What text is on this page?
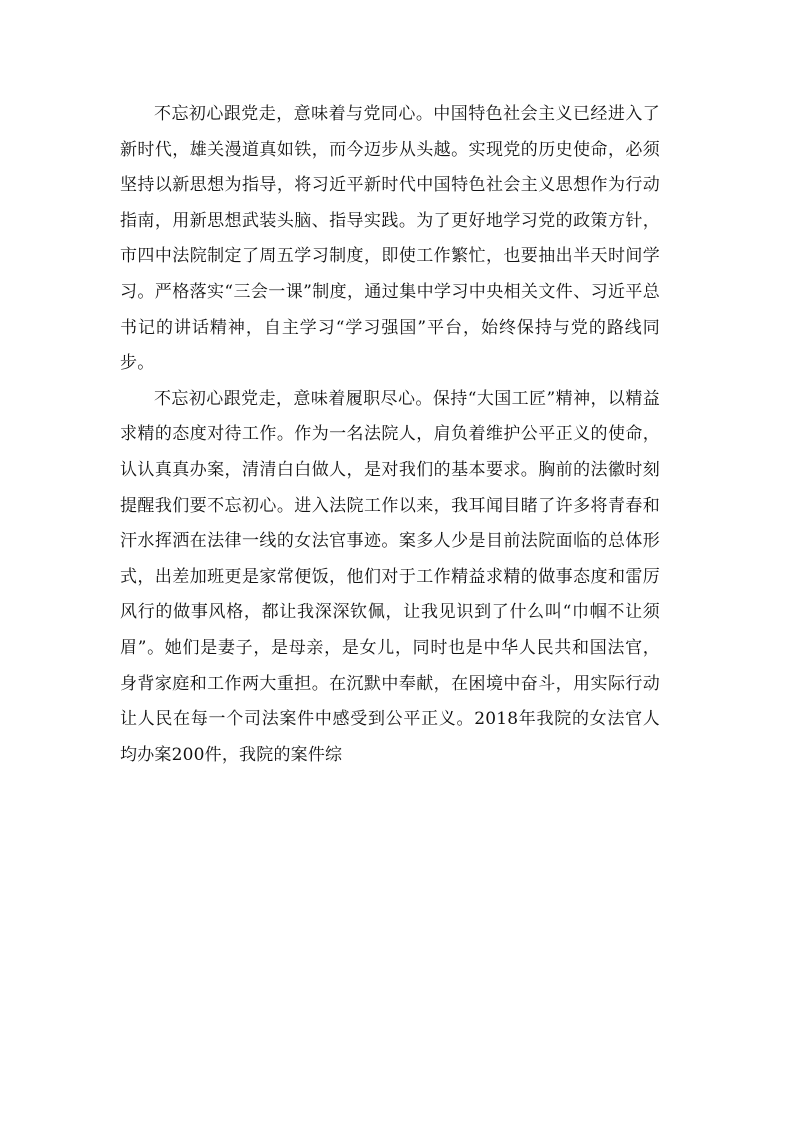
不忘初心跟党走，意味着与党同心。中国特色社会主义已经进入了新时代，雄关漫道真如铁，而今迈步从头越。实现党的历史使命，必须坚持以新思想为指导，将习近平新时代中国特色社会主义思想作为行动指南，用新思想武装头脑、指导实践。为了更好地学习党的政策方针，市四中法院制定了周五学习制度，即使工作繁忙，也要抽出半天时间学习。严格落实“三会一课”制度，通过集中学习中央相关文件、习近平总书记的讲话精神，自主学习“学习强国”平台，始终保持与党的路线同步。

不忘初心跟党走，意味着履职尽心。保持“大国工匠”精神，以精益求精的态度对待工作。作为一名法院人，肩负着维护公平正义的使命，认认真真办案，清清白白做人，是对我们的基本要求。胸前的法徽时刻提醒我们要不忘初心。进入法院工作以来，我耳闻目睹了许多将青春和汗水挥洒在法律一线的女法官事迹。案多人少是目前法院面临的总体形式，出差加班更是家常便饭，他们对于工作精益求精的做事态度和雷厉风行的做事风格，都让我深深钦佩，让我见识到了什么叫“巾帼不让须眉”。她们是妻子，是母亲，是女儿，同时也是中华人民共和国法官，身背家庭和工作两大重担。在沉默中奉献，在困境中奋斗，用实际行动让人民在每一个司法案件中感受到公平正义。2018年我院的女法官人均办案200件，我院的案件综
